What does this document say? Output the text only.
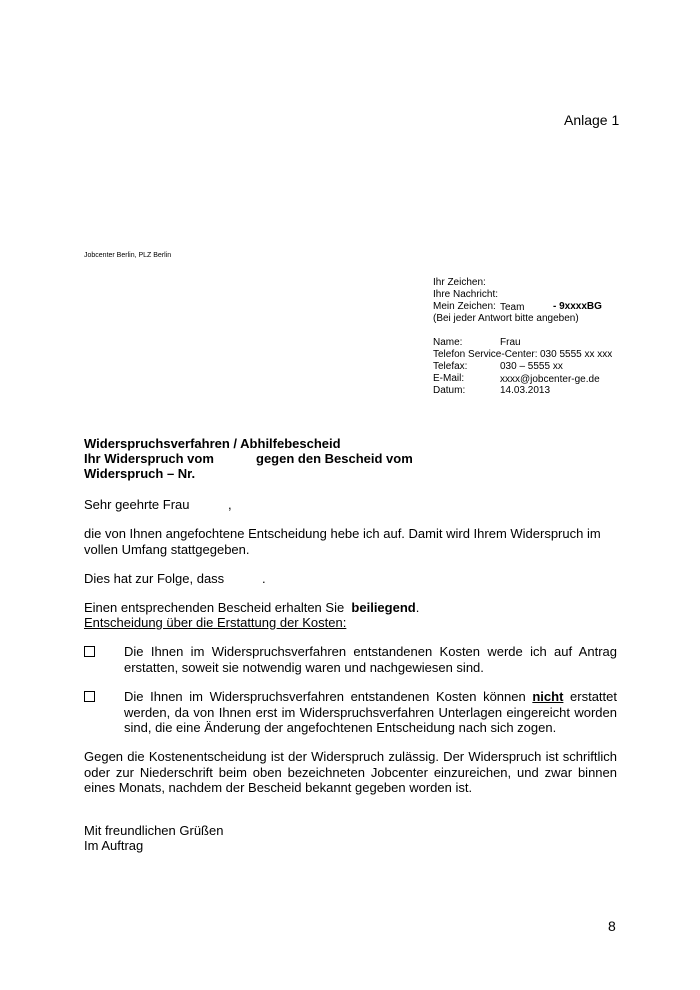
Anlage 1
Jobcenter Berlin, PLZ Berlin
Ihr Zeichen:
Ihre Nachricht:
Mein Zeichen: Team	- 9xxxxBG
(Bei jeder Antwort bitte angeben)
Name:	Frau
Telefon Service-Center: 030 5555 xx xxx
Telefax:	030 – 5555 xx
E-Mail:	xxxx@jobcenter-ge.de
Datum:	14.03.2013
Widerspruchsverfahren / Abhilfebescheid
Ihr Widerspruch vom	gegen den Bescheid vom
Widerspruch – Nr.
Sehr geehrte Frau	,
die von Ihnen angefochtene Entscheidung hebe ich auf. Damit wird Ihrem Widerspruch im vollen Umfang stattgegeben.
Dies hat zur Folge, dass	.
Einen entsprechenden Bescheid erhalten Sie beiliegend.
Entscheidung über die Erstattung der Kosten:
Die Ihnen im Widerspruchsverfahren entstandenen Kosten werde ich auf Antrag erstatten, soweit sie notwendig waren und nachgewiesen sind.
Die Ihnen im Widerspruchsverfahren entstandenen Kosten können nicht erstattet werden, da von Ihnen erst im Widerspruchsverfahren Unterlagen eingereicht worden sind, die eine Änderung der angefochtenen Entscheidung nach sich zogen.
Gegen die Kostenentscheidung ist der Widerspruch zulässig. Der Widerspruch ist schriftlich oder zur Niederschrift beim oben bezeichneten Jobcenter einzureichen, und zwar binnen eines Monats, nachdem der Bescheid bekannt gegeben worden ist.
Mit freundlichen Grüßen
Im Auftrag
8
